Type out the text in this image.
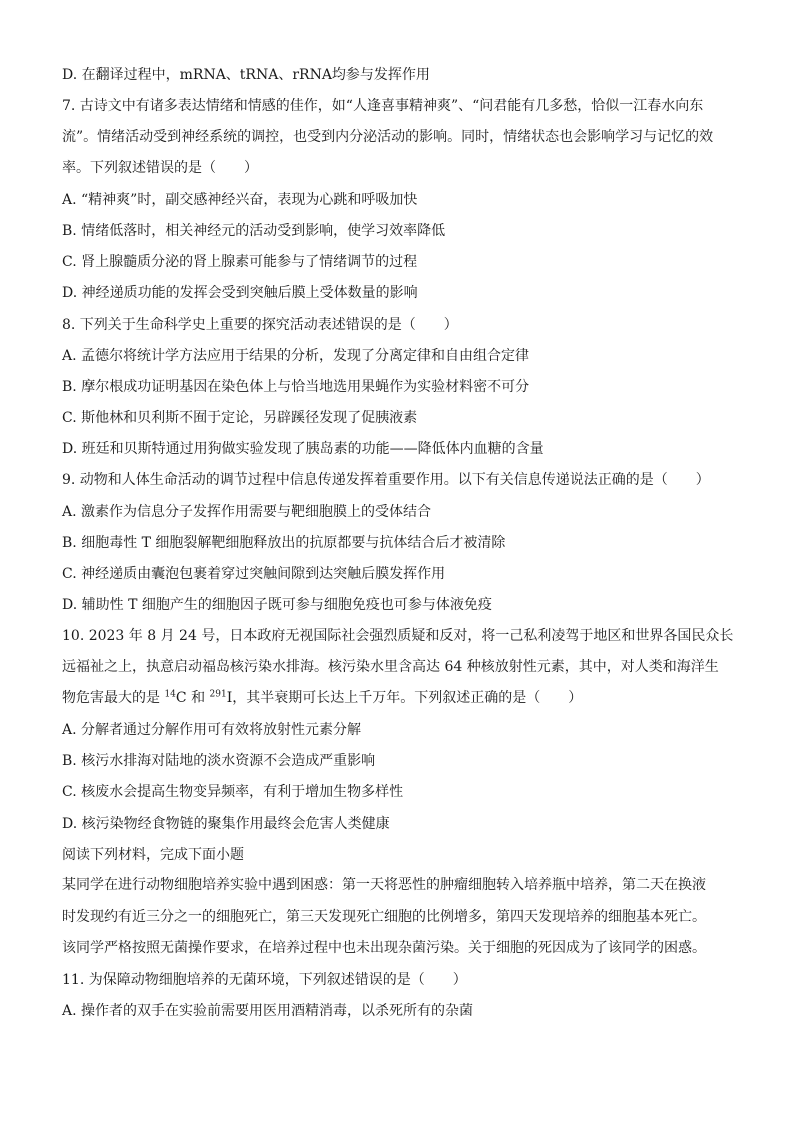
D. 在翻译过程中，mRNA、tRNA、rRNA均参与发挥作用
7. 古诗文中有诸多表达情绪和情感的佳作，如“人逢喜事精神爽”、“问君能有几多愁，恰似一江春水向东
流”。情绪活动受到神经系统的调控，也受到内分泌活动的影响。同时，情绪状态也会影响学习与记忆的效
率。下列叙述错误的是（　　）
A. “精神爽”时，副交感神经兴奋，表现为心跳和呼吸加快
B. 情绪低落时，相关神经元的活动受到影响，使学习效率降低
C. 肾上腺髓质分泌的肾上腺素可能参与了情绪调节的过程
D. 神经递质功能的发挥会受到突触后膜上受体数量的影响
8. 下列关于生命科学史上重要的探究活动表述错误的是（　　）
A. 孟德尔将统计学方法应用于结果的分析，发现了分离定律和自由组合定律
B. 摩尔根成功证明基因在染色体上与恰当地选用果蝇作为实验材料密不可分
C. 斯他林和贝利斯不囿于定论，另辟蹊径发现了促胰液素
D. 班廷和贝斯特通过用狗做实验发现了胰岛素的功能——降低体内血糖的含量
9. 动物和人体生命活动的调节过程中信息传递发挥着重要作用。以下有关信息传递说法正确的是（　　）
A. 激素作为信息分子发挥作用需要与靶细胞膜上的受体结合
B. 细胞毒性 T 细胞裂解靶细胞释放出的抗原都要与抗体结合后才被清除
C. 神经递质由囊泡包裹着穿过突触间隙到达突触后膜发挥作用
D. 辅助性 T 细胞产生的细胞因子既可参与细胞免疫也可参与体液免疫
10. 2023 年 8 月 24 号，日本政府无视国际社会强烈质疑和反对，将一己私利凌驾于地区和世界各国民众长
远福祉之上，执意启动福岛核污染水排海。核污染水里含高达 64 种核放射性元素，其中，对人类和海洋生
物危害最大的是 $^{14}$C 和 $^{291}$I，其半衰期可长达上千万年。下列叙述正确的是（　　）
A. 分解者通过分解作用可有效将放射性元素分解
B. 核污水排海对陆地的淡水资源不会造成严重影响
C. 核废水会提高生物变异频率，有利于增加生物多样性
D. 核污染物经食物链的聚集作用最终会危害人类健康
阅读下列材料，完成下面小题
某同学在进行动物细胞培养实验中遇到困惑：第一天将恶性的肿瘤细胞转入培养瓶中培养，第二天在换液
时发现约有近三分之一的细胞死亡，第三天发现死亡细胞的比例增多，第四天发现培养的细胞基本死亡。
该同学严格按照无菌操作要求，在培养过程中也未出现杂菌污染。关于细胞的死因成为了该同学的困惑。
11. 为保障动物细胞培养的无菌环境，下列叙述错误的是（　　）
A. 操作者的双手在实验前需要用医用酒精消毒，以杀死所有的杂菌
